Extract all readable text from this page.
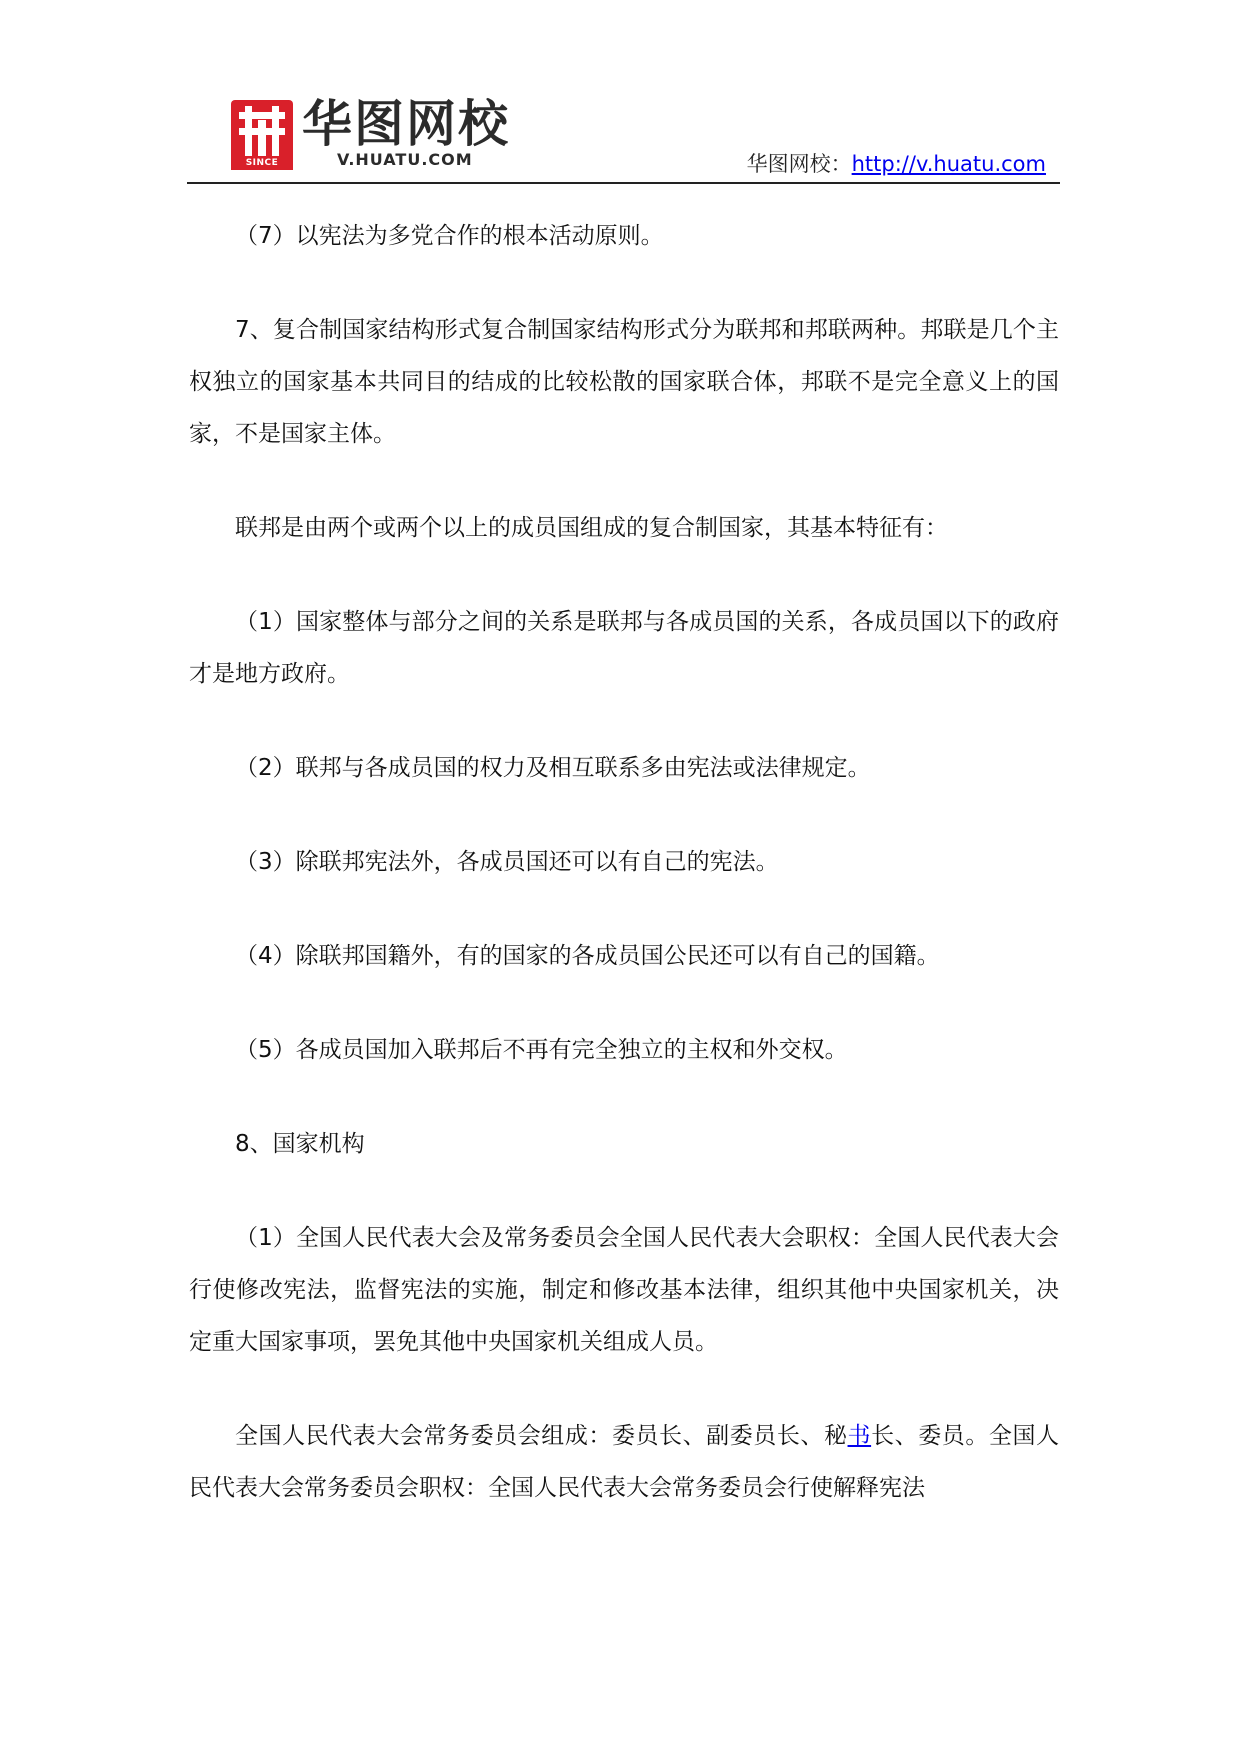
SINCE 2001
华图网校
V.HUATU.COM	华图网校：http://v.huatu.com

（7）以宪法为多党合作的根本活动原则。

7、复合制国家结构形式复合制国家结构形式分为联邦和邦联两种。邦联是几个主权独立的国家基本共同目的结成的比较松散的国家联合体，邦联不是完全意义上的国家，不是国家主体。

联邦是由两个或两个以上的成员国组成的复合制国家，其基本特征有：

（1）国家整体与部分之间的关系是联邦与各成员国的关系，各成员国以下的政府才是地方政府。

（2）联邦与各成员国的权力及相互联系多由宪法或法律规定。

（3）除联邦宪法外，各成员国还可以有自己的宪法。

（4）除联邦国籍外，有的国家的各成员国公民还可以有自己的国籍。

（5）各成员国加入联邦后不再有完全独立的主权和外交权。

8、国家机构

（1）全国人民代表大会及常务委员会全国人民代表大会职权：全国人民代表大会行使修改宪法，监督宪法的实施，制定和修改基本法律，组织其他中央国家机关，决定重大国家事项，罢免其他中央国家机关组成人员。

全国人民代表大会常务委员会组成：委员长、副委员长、秘书长、委员。全国人民代表大会常务委员会职权：全国人民代表大会常务委员会行使解释宪法
